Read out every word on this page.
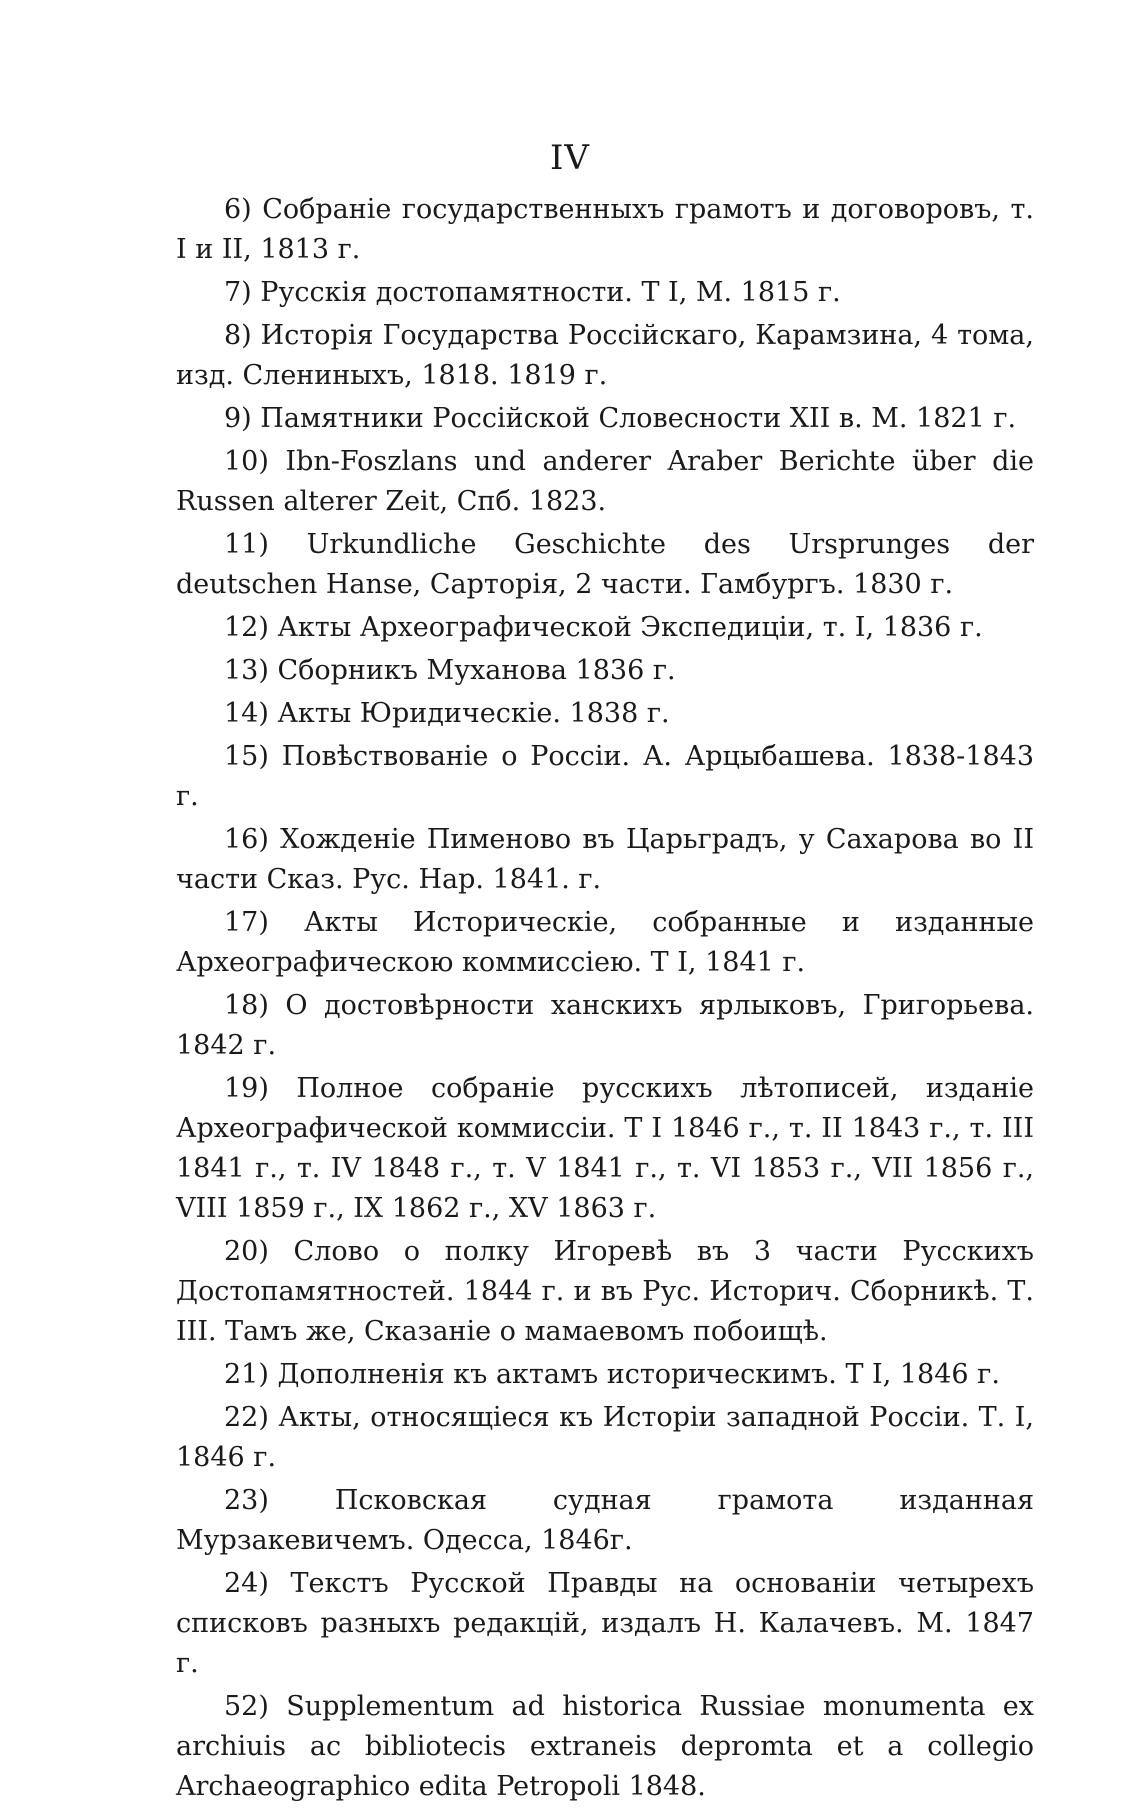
IV

6) Собраніе государственныхъ грамотъ и договоровъ, т. I и II, 1813 г.

7) Русскія достопамятности. Т I, М. 1815 г.

8) Исторія Государства Россійскаго, Карамзина, 4 тома, изд. Слениныхъ, 1818. 1819 г.

9) Памятники Россійской Словесности XII в. М. 1821 г.

10) Ibn-Foszlans und anderer Araber Berichte über die Russen alterer Zeit, Спб. 1823.

11) Urkundliche Geschichte des Ursprunges der deutschen Hanse, Сарторія, 2 части. Гамбургъ. 1830 г.

12) Акты Археографической Экспедиціи, т. I, 1836 г.

13) Сборникъ Муханова 1836 г.

14) Акты Юридическіе. 1838 г.

15) Повѣствованіе о Россіи. А. Арцыбашева. 1838-1843 г.

16) Хожденіе Пименово въ Царьградъ, у Сахарова во II части Сказ. Рус. Нар. 1841. г.

17) Акты Историческіе, собранные и изданные Археографическою коммиссіею. Т I, 1841 г.

18) О достовѣрности ханскихъ ярлыковъ, Григорьева. 1842 г.

19) Полное собраніе русскихъ лѣтописей, изданіе Археографической коммиссіи. Т I 1846 г., т. II 1843 г., т. III 1841 г., т. IV 1848 г., т. V 1841 г., т. VI 1853 г., VII 1856 г., VIII 1859 г., IX 1862 г., XV 1863 г.

20) Слово о полку Игоревѣ въ 3 части Русскихъ Достопамятностей. 1844 г. и въ Рус. Историч. Сборникѣ. Т. III. Тамъ же, Сказаніе о мамаевомъ побоищѣ.

21) Дополненія къ актамъ историческимъ. Т I, 1846 г.

22) Акты, относящіеся къ Исторіи западной Россіи. Т. I, 1846 г.

23) Псковская судная грамота изданная Мурзакевичемъ. Одесса, 1846г.

24) Текстъ Русской Правды на основаніи четырехъ списковъ разныхъ редакцій, издалъ Н. Калачевъ. М. 1847 г.

52) Supplementum ad historica Russiae monumenta ex archiuis ac bibliotecis extraneis depromta et a collegio Archaeographico edita Petropoli 1848.
